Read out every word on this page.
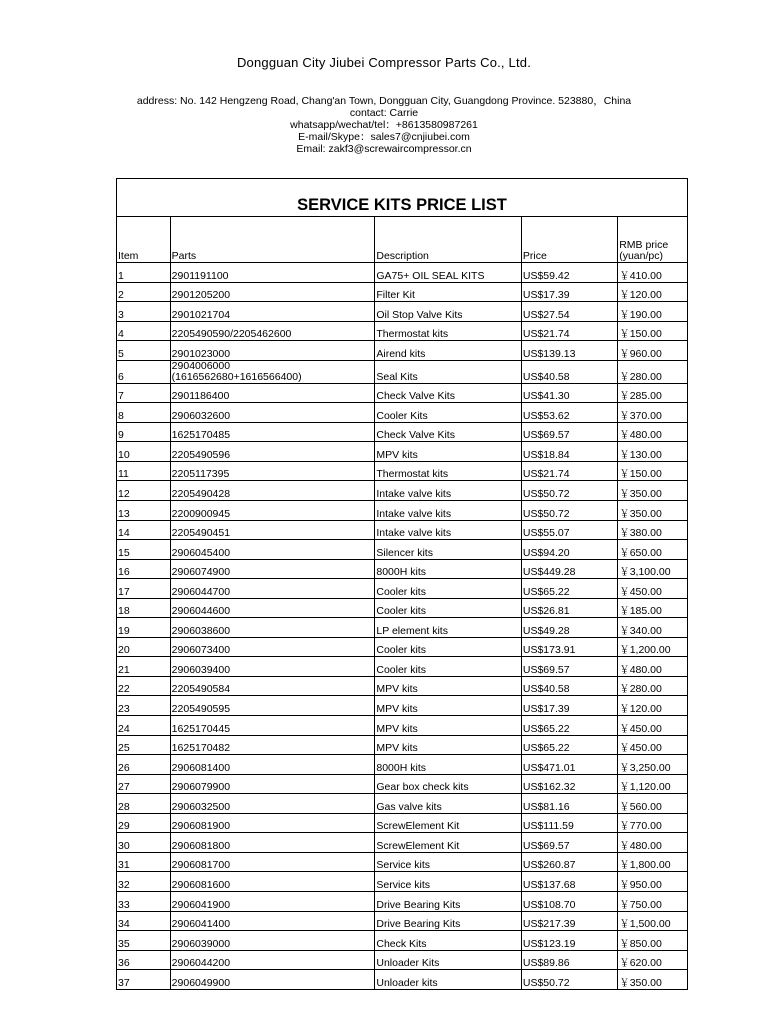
Dongguan City Jiubei Compressor Parts Co., Ltd.
address: No. 142 Hengzeng Road, Chang'an Town, Dongguan City, Guangdong Province. 523880，China
contact: Carrie
whatsapp/wechat/tel：+8613580987261
E-mail/Skype：sales7@cnjiubei.com
Email: zakf3@screwaircompressor.cn
SERVICE KITS PRICE LIST
Item	Parts	Description	Price	RMB price
(yuan/pc)
1	2901191100	GA75+ OIL SEAL KITS	US$59.42	￥410.00
2	2901205200	Filter Kit	US$17.39	￥120.00
3	2901021704	Oil Stop Valve Kits	US$27.54	￥190.00
4	2205490590/2205462600	Thermostat kits	US$21.74	￥150.00
5	2901023000	Airend kits	US$139.13	￥960.00
6	2904006000
(1616562680+1616566400)	Seal Kits	US$40.58	￥280.00
7	2901186400	Check Valve Kits	US$41.30	￥285.00
8	2906032600	Cooler Kits	US$53.62	￥370.00
9	1625170485	Check Valve Kits	US$69.57	￥480.00
10	2205490596	MPV kits	US$18.84	￥130.00
11	2205117395	Thermostat kits	US$21.74	￥150.00
12	2205490428	Intake valve kits	US$50.72	￥350.00
13	2200900945	Intake valve kits	US$50.72	￥350.00
14	2205490451	Intake valve kits	US$55.07	￥380.00
15	2906045400	Silencer kits	US$94.20	￥650.00
16	2906074900	8000H kits	US$449.28	￥3,100.00
17	2906044700	Cooler kits	US$65.22	￥450.00
18	2906044600	Cooler kits	US$26.81	￥185.00
19	2906038600	LP element kits	US$49.28	￥340.00
20	2906073400	Cooler kits	US$173.91	￥1,200.00
21	2906039400	Cooler kits	US$69.57	￥480.00
22	2205490584	MPV kits	US$40.58	￥280.00
23	2205490595	MPV kits	US$17.39	￥120.00
24	1625170445	MPV kits	US$65.22	￥450.00
25	1625170482	MPV kits	US$65.22	￥450.00
26	2906081400	8000H kits	US$471.01	￥3,250.00
27	2906079900	Gear box check kits	US$162.32	￥1,120.00
28	2906032500	Gas valve kits	US$81.16	￥560.00
29	2906081900	ScrewElement Kit	US$111.59	￥770.00
30	2906081800	ScrewElement Kit	US$69.57	￥480.00
31	2906081700	Service kits	US$260.87	￥1,800.00
32	2906081600	Service kits	US$137.68	￥950.00
33	2906041900	Drive Bearing Kits	US$108.70	￥750.00
34	2906041400	Drive Bearing Kits	US$217.39	￥1,500.00
35	2906039000	Check Kits	US$123.19	￥850.00
36	2906044200	Unloader Kits	US$89.86	￥620.00
37	2906049900	Unloader kits	US$50.72	￥350.00
